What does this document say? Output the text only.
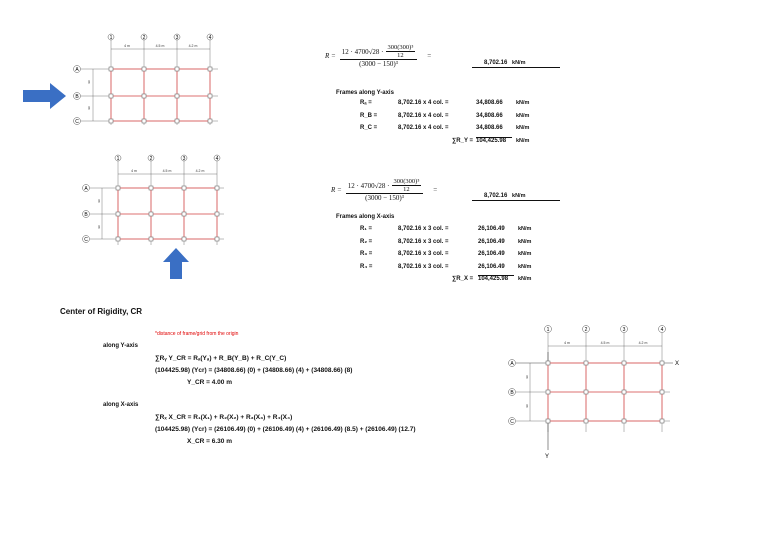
1	2	3	4
4 m	4.5 m	4.2 m
A
B
C
4m
4m
1	2	3	4
4 m	4.5 m	4.2 m
A
B
C
4m
4m
1	2	3	4
4 m	4.5 m	4.2 m
A
B
C
4m
4m
X
Y
$R = \frac{12 \cdot 4700√28 \cdot \frac{\text{300(300)³}}{12}}{\text{(3000 − 150)³}}$ =
8,702.16 kN/m
Frames along Y-axis
Rₐ =	8,702.16 x 4 col. =	34,808.66	kN/m
R_B =	8,702.16 x 4 col. =	34,808.66	kN/m
R_C =	8,702.16 x 4 col. =	34,808.66	kN/m
∑R_Y = 104,425.98	kN/m
$R = \frac{12 \cdot 4700√28 \cdot \frac{\text{300(300)³}}{12}}{\text{(3000 − 150)³}}$ =
8,702.16 kN/m
Frames along X-axis
R₁ =	8,702.16 x 3 col. =	26,106.49	kN/m
R₂ =	8,702.16 x 3 col. =	26,106.49	kN/m
R₃ =	8,702.16 x 3 col. =	26,106.49	kN/m
R₄ =	8,702.16 x 3 col. =	26,106.49	kN/m
∑R_X = 104,425.98	kN/m
Center of Rigidity, CR
*distance of frame/grid from the origin
along Y-axis
∑Rᵧ Y_CR = Rₐ(Yₐ) + R_B(Y_B) + R_C(Y_C)
(104425.98) (Ycr) = (34808.66) (0) + (34808.66) (4) + (34808.66) (8)
Y_CR = 4.00 m
along X-axis
∑Rₓ X_CR = R₁(X₁) + R₂(X₂) + R₃(X₃) + R₄(X₄)
(104425.98) (Ycr) = (26106.49) (0) + (26106.49) (4) + (26106.49) (8.5) + (26106.49) (12.7)
X_CR = 6.30 m
